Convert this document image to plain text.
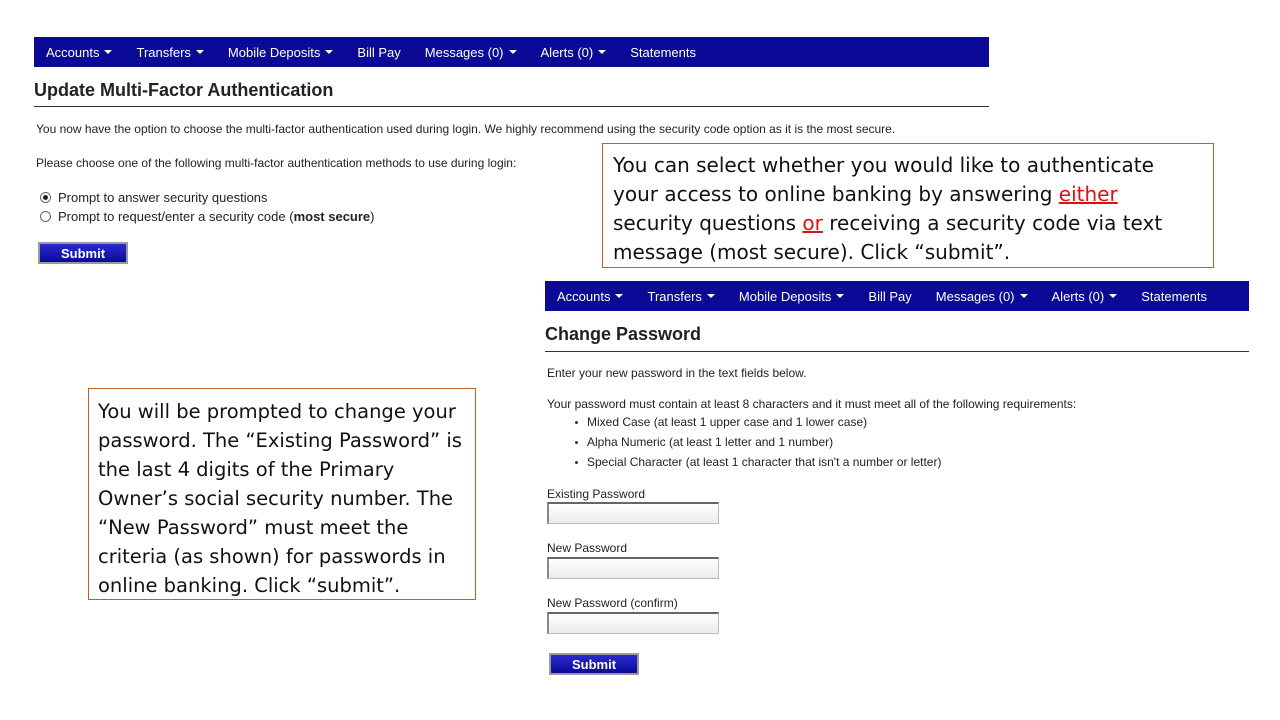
Accounts	Transfers	Mobile Deposits	Bill Pay Messages (0)	Alerts (0)	Statements
Update Multi-Factor Authentication
You now have the option to choose the multi-factor authentication used during login. We highly recommend using the security code option as it is the most secure.
Please choose one of the following multi-factor authentication methods to use during login:
Prompt to answer security questions
Prompt to request/enter a security code (most secure)
Submit
You can select whether you would like to authenticate your access to online banking by answering either security questions or receiving a security code via text message (most secure). Click “submit”.
Accounts	Transfers	Mobile Deposits	Bill Pay Messages (0)	Alerts (0)	Statements
Change Password
Enter your new password in the text fields below.
Your password must contain at least 8 characters and it must meet all of the following requirements:
Mixed Case (at least 1 upper case and 1 lower case)
Alpha Numeric (at least 1 letter and 1 number)
Special Character (at least 1 character that isn't a number or letter)
Existing Password
New Password
New Password (confirm)
Submit
You will be prompted to change your password. The “Existing Password” is the last 4 digits of the Primary Owner’s social security number. The “New Password” must meet the criteria (as shown) for passwords in online banking. Click “submit”.
